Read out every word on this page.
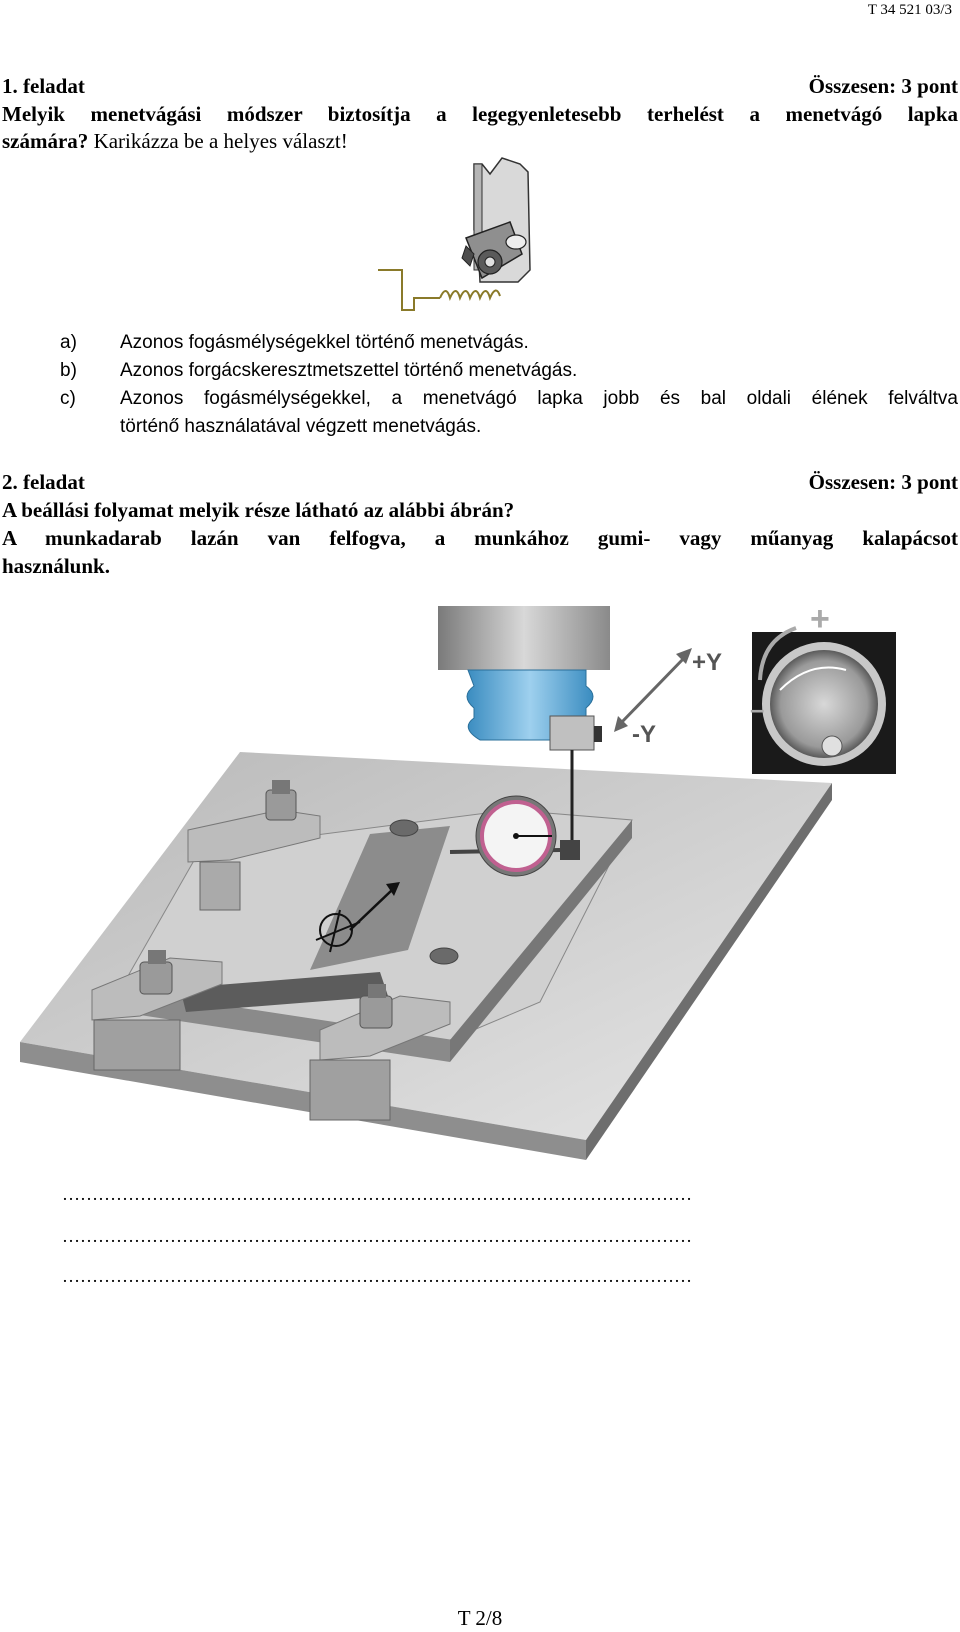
T 34 521 03/3
1. feladat	Összesen: 3 pont
Melyik menetvágási módszer biztosítja a legegyenletesebb terhelést a menetvágó lapka
számára? Karikázza be a helyes választ!
a)	Azonos fogásmélységekkel történő menetvágás.
b)	Azonos forgácskeresztmetszettel történő menetvágás.
c)	Azonos fogásmélységekkel, a menetvágó lapka jobb és bal oldali élének felváltva
történő használatával végzett menetvágás.
2. feladat	Összesen: 3 pont
A beállási folyamat melyik része látható az alábbi ábrán?
A munkadarab lazán van felfogva, a munkához gumi- vagy műanyag kalapácsot
használunk.
+Y
-Y
+
–
……………………………………………………………………………………………
……………………………………………………………………………………………
……………………………………………………………………………………………
T 2/8
